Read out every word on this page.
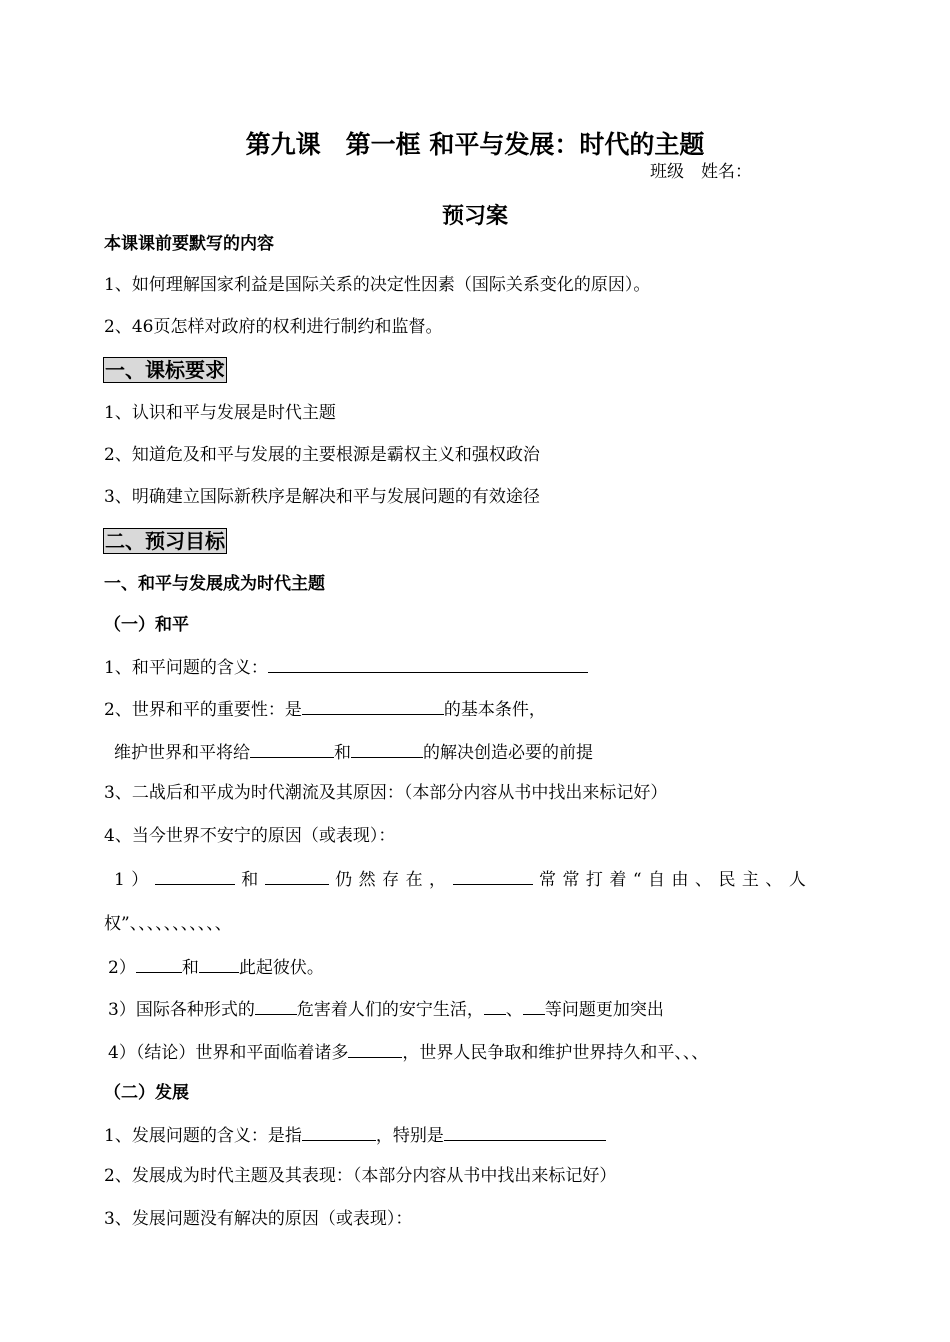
第九课　第一框 和平与发展：时代的主题
班级　姓名：
预习案
本课课前要默写的内容
1、如何理解国家利益是国际关系的决定性因素（国际关系变化的原因）。
2、46页怎样对政府的权利进行制约和监督。
一、课标要求
1、认识和平与发展是时代主题
2、知道危及和平与发展的主要根源是霸权主义和强权政治
3、明确建立国际新秩序是解决和平与发展问题的有效途径
二、预习目标
一、和平与发展成为时代主题
（一）和平
1、和平问题的含义：
2、世界和平的重要性：是	的基本条件，
维护世界和平将给	和	的解决创造必要的前提
3、二战后和平成为时代潮流及其原因：（本部分内容从书中找出来标记好）
4、当今世界不安宁的原因（或表现）：
1 ）	和	仍 然 存 在 ，	常 常 打 着 “ 自 由 、 民 主 、 人
权”、、、、、、、、、、、
2）	和 此起彼伏。
3）国际各种形式的 危害着人们的安宁生活， 、 等问题更加突出
4）（结论）世界和平面临着诸多	，世界人民争取和维护世界持久和平、、、
（二）发展
1、发展问题的含义：是指	，特别是
2、发展成为时代主题及其表现：（本部分内容从书中找出来标记好）
3、发展问题没有解决的原因（或表现）：
